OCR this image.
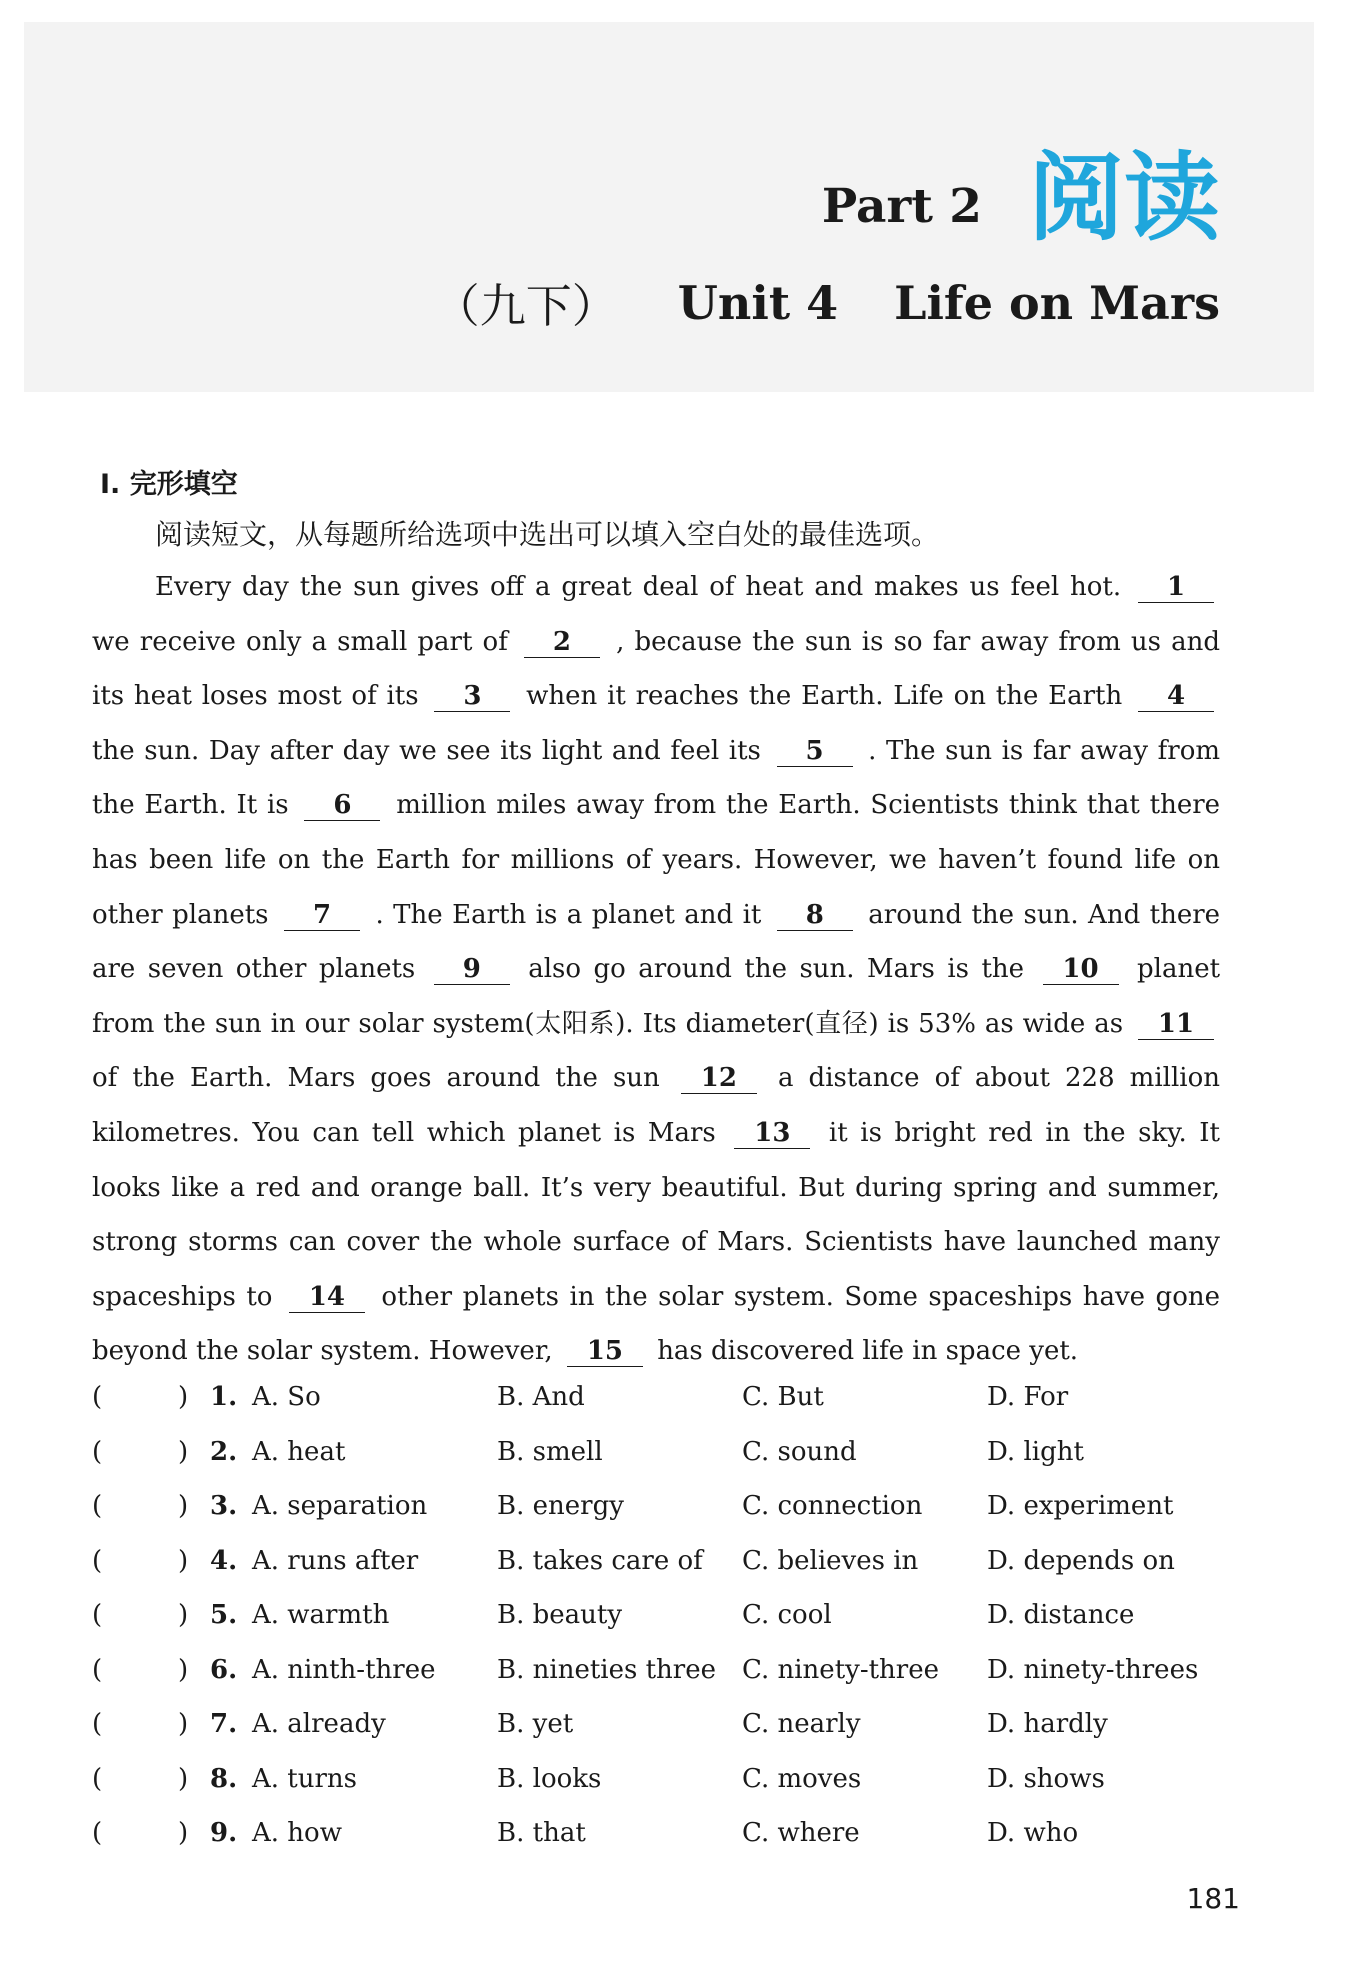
Part 2 阅读
（九下） Unit 4 Life on Mars
Ⅰ. 完形填空
阅读短文，从每题所给选项中选出可以填入空白处的最佳选项。

Every day the sun gives off a great deal of heat and makes us feel hot. 1 we receive only a small part of 2 , because the sun is so far away from us and its heat loses most of its 3 when it reaches the Earth. Life on the Earth 4 the sun. Day after day we see its light and feel its 5 . The sun is far away from the Earth. It is 6 million miles away from the Earth. Scientists think that there has been life on the Earth for millions of years. However, we haven’t found life on other planets 7 . The Earth is a planet and it 8 around the sun. And there are seven other planets 9 also go around the sun. Mars is the 10 planet from the sun in our solar system(太阳系). Its diameter(直径) is 53% as wide as 11 of the Earth. Mars goes around the sun 12 a distance of about 228 million kilometres. You can tell which planet is Mars 13 it is bright red in the sky. It looks like a red and orange ball. It’s very beautiful. But during spring and summer, strong storms can cover the whole surface of Mars. Scientists have launched many spaceships to 14 other planets in the solar system. Some spaceships have gone beyond the solar system. However, 15 has discovered life in space yet.

(	) 1. A. So	B. And	C. But	D. For
(	) 2. A. heat	B. smell	C. sound	D. light
(	) 3. A. separation	B. energy	C. connection D. experiment
(	) 4. A. runs after	B. takes care of C. believes in	D. depends on
(	) 5. A. warmth	B. beauty	C. cool	D. distance
(	) 6. A. ninth-three B. nineties three C. ninety-three D. ninety-threes
(	) 7. A. already	B. yet	C. nearly	D. hardly
(	) 8. A. turns	B. looks	C. moves	D. shows
(	) 9. A. how	B. that	C. where	D. who
181
